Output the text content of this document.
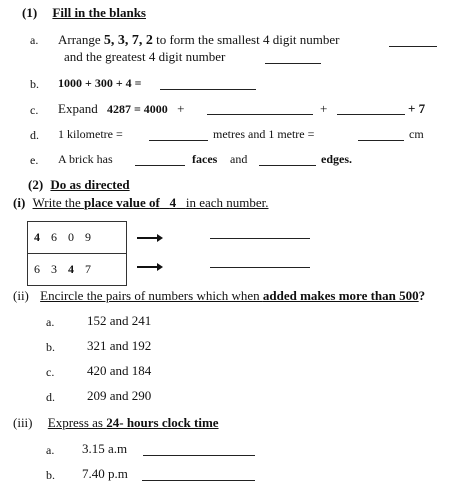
(1) Fill in the blanks
a. Arrange 5, 3, 7, 2 to form the smallest 4 digit number
and the greatest 4 digit number
b. 1000 + 300 + 4 =
c. Expand 4287 = 4000 +	+	+ 7
d. 1 kilometre =	metres and 1 metre =	cm
e. A brick has	faces and	edges.
(2) Do as directed
(i) Write the place value of 4 in each number.
4 6 0 9
6 3 4 7
(ii) Encircle the pairs of numbers which when added makes more than 500?
a.	152 and 241
b. 321 and 192
c.	420 and 184
d. 209 and 290
(iii) Express as 24- hours clock time
a. 3.15 a.m
b. 7.40 p.m
